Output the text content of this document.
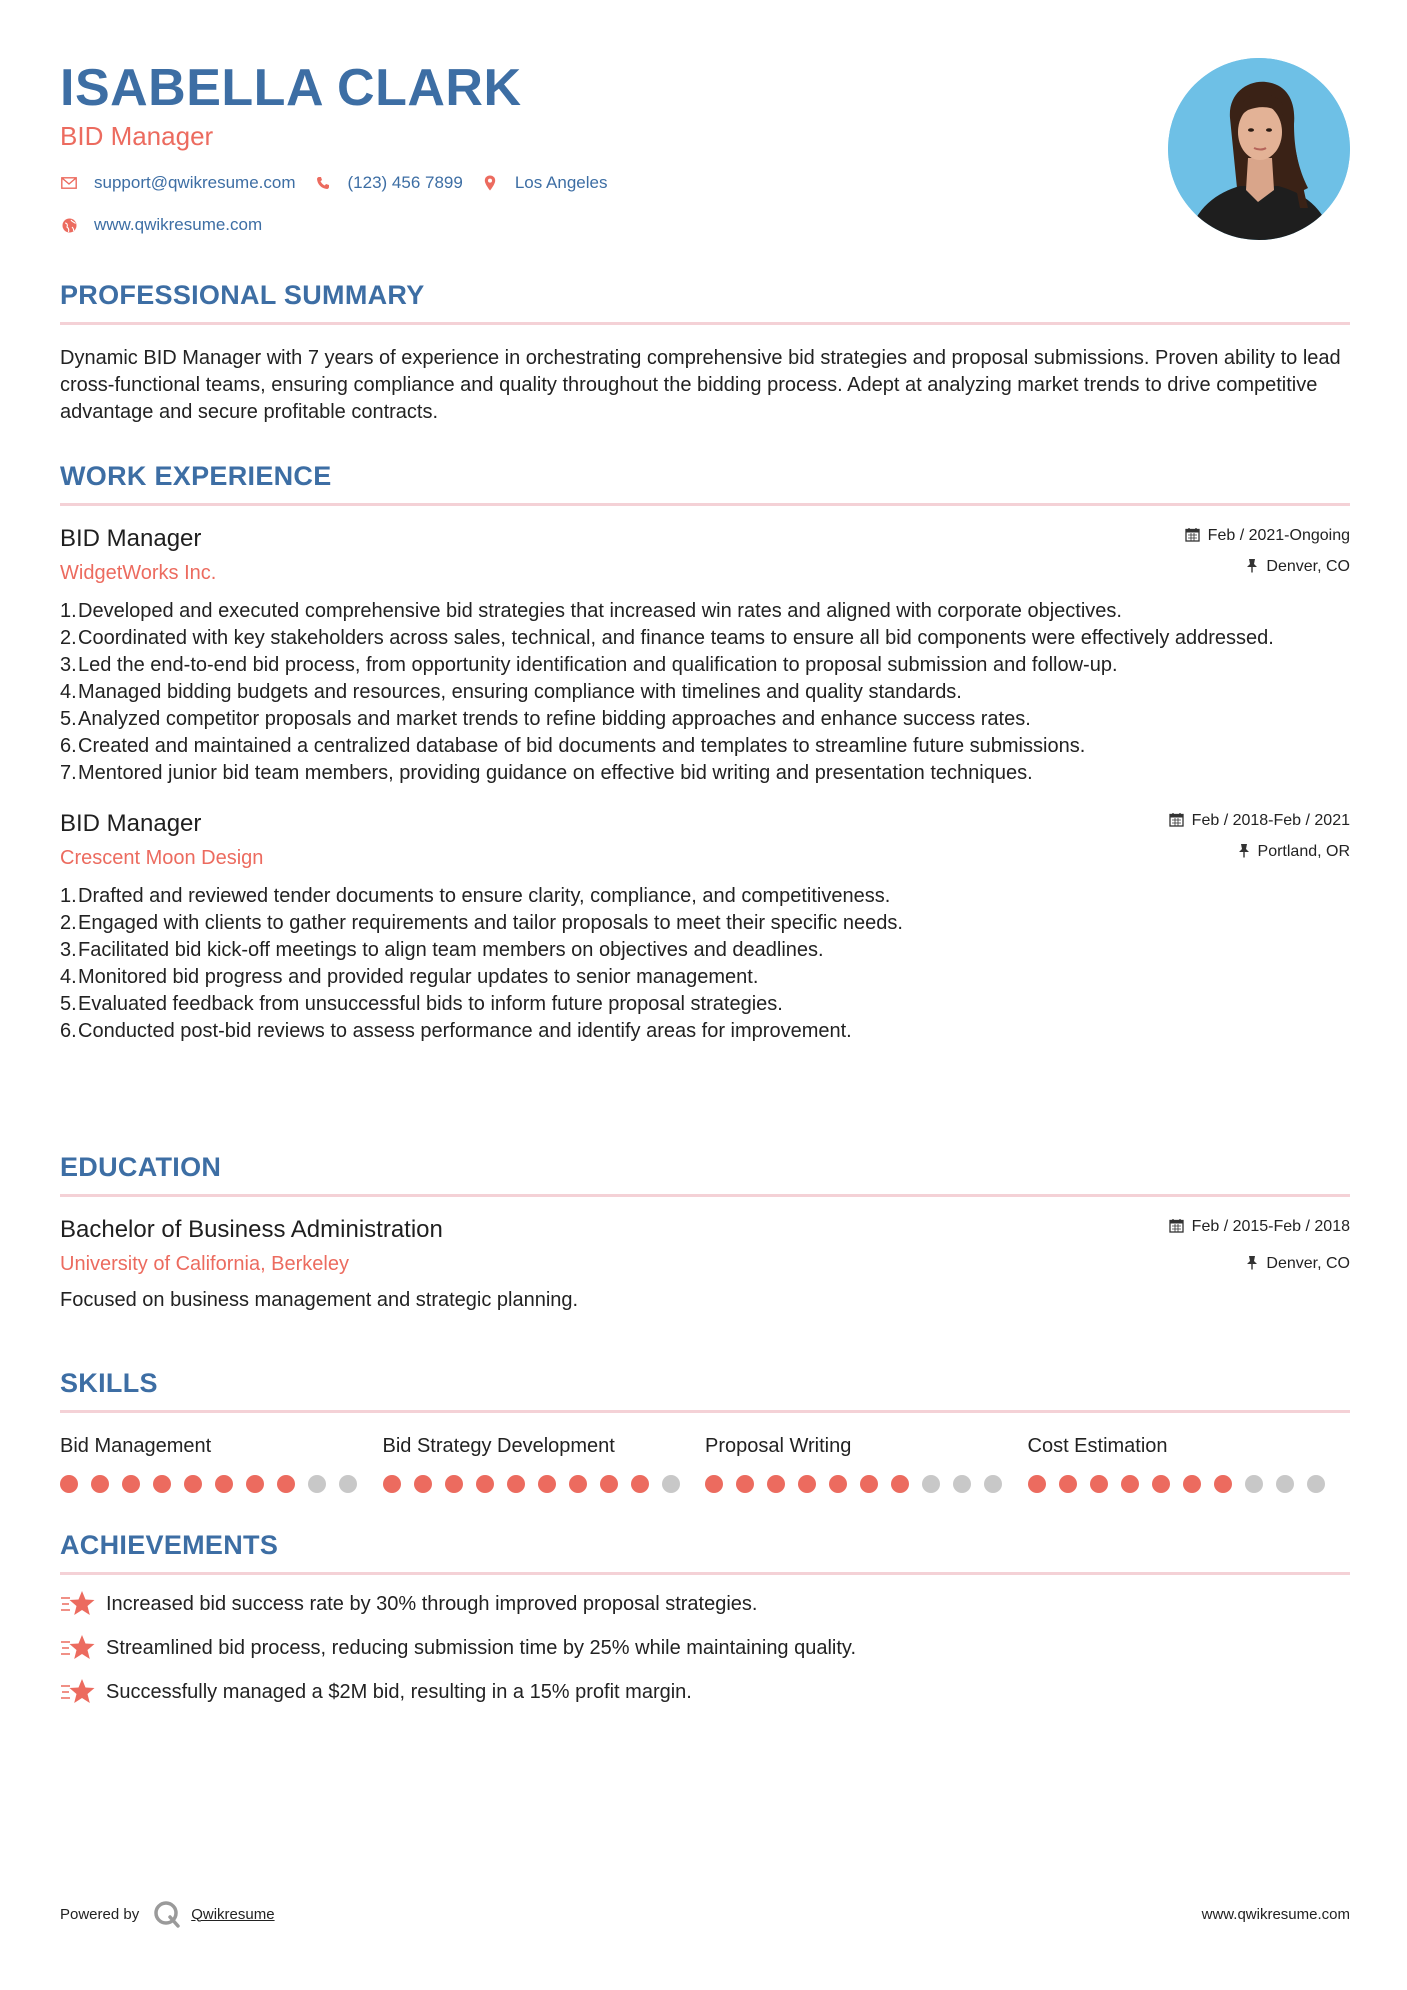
ISABELLA CLARK
BID Manager
support@qwikresume.com	(123) 456 7899	Los Angeles
www.qwikresume.com
PROFESSIONAL SUMMARY
Dynamic BID Manager with 7 years of experience in orchestrating comprehensive bid strategies and proposal submissions. Proven ability to lead cross-functional teams, ensuring compliance and quality throughout the bidding process. Adept at analyzing market trends to drive competitive advantage and secure profitable contracts.
WORK EXPERIENCE
BID Manager
WidgetWorks Inc.
Feb / 2021-Ongoing
Denver, CO
1. Developed and executed comprehensive bid strategies that increased win rates and aligned with corporate objectives.
2. Coordinated with key stakeholders across sales, technical, and finance teams to ensure all bid components were effectively addressed.
3. Led the end-to-end bid process, from opportunity identification and qualification to proposal submission and follow-up.
4. Managed bidding budgets and resources, ensuring compliance with timelines and quality standards.
5. Analyzed competitor proposals and market trends to refine bidding approaches and enhance success rates.
6. Created and maintained a centralized database of bid documents and templates to streamline future submissions.
7. Mentored junior bid team members, providing guidance on effective bid writing and presentation techniques.
BID Manager
Crescent Moon Design
Feb / 2018-Feb / 2021
Portland, OR
1. Drafted and reviewed tender documents to ensure clarity, compliance, and competitiveness.
2. Engaged with clients to gather requirements and tailor proposals to meet their specific needs.
3. Facilitated bid kick-off meetings to align team members on objectives and deadlines.
4. Monitored bid progress and provided regular updates to senior management.
5. Evaluated feedback from unsuccessful bids to inform future proposal strategies.
6. Conducted post-bid reviews to assess performance and identify areas for improvement.
EDUCATION
Bachelor of Business Administration
University of California, Berkeley
Feb / 2015-Feb / 2018
Denver, CO
Focused on business management and strategic planning.
SKILLS
Bid Management	Bid Strategy Development	Proposal Writing	Cost Estimation
ACHIEVEMENTS
Increased bid success rate by 30% through improved proposal strategies.
Streamlined bid process, reducing submission time by 25% while maintaining quality.
Successfully managed a $2M bid, resulting in a 15% profit margin.
Powered by	Qwikresume	www.qwikresume.com
